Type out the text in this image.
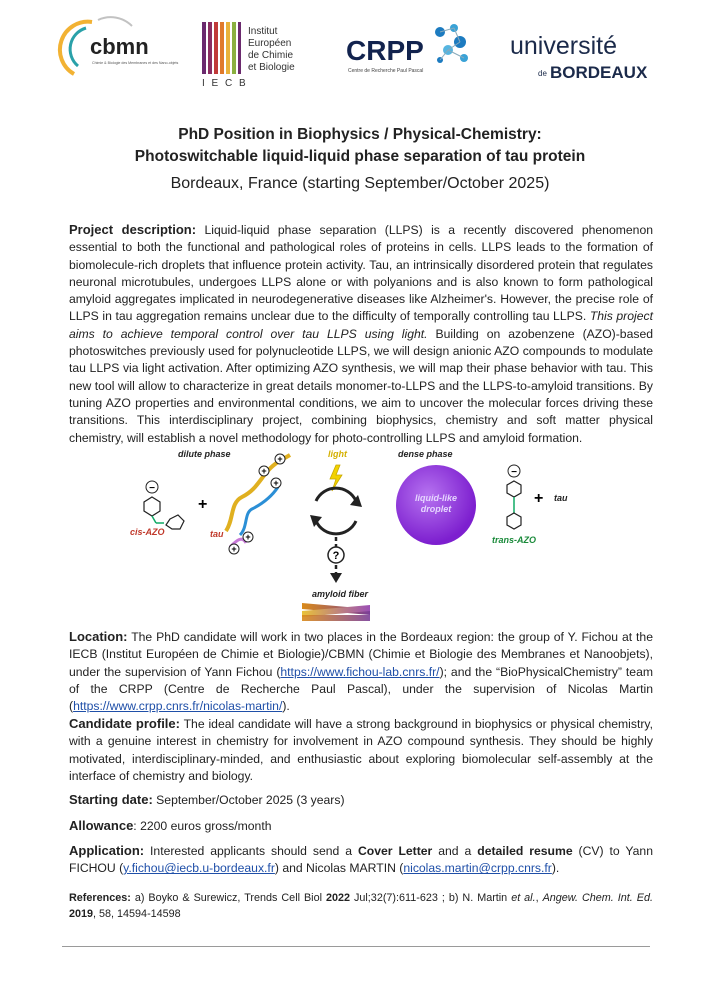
cbmn
Chimie & Biologie des Membranes et des Nano-objets
Institut
Européen
de Chimie
et Biologie
I E C B
CRPP
Centre de Recherche Paul Pascal
université
de BORDEAUX
PhD Position in Biophysics / Physical-Chemistry:
Photoswitchable liquid-liquid phase separation of tau protein
Bordeaux, France (starting September/October 2025)
Project description: Liquid-liquid phase separation (LLPS) is a recently discovered phenomenon essential to both the functional and pathological roles of proteins in cells. LLPS leads to the formation of biomolecule-rich droplets that influence protein activity. Tau, an intrinsically disordered protein that regulates neuronal microtubules, undergoes LLPS alone or with polyanions and is also known to form pathological amyloid aggregates implicated in neurodegenerative diseases like Alzheimer's. However, the precise role of LLPS in tau aggregation remains unclear due to the difficulty of temporally controlling tau LLPS. This project aims to achieve temporal control over tau LLPS using light. Building on azobenzene (AZO)-based photoswitches previously used for polynucleotide LLPS, we will design anionic AZO compounds to modulate tau LLPS via light activation. After optimizing AZO synthesis, we will map their phase behavior with tau. This new tool will allow to characterize in great details monomer-to-LLPS and the LLPS-to-amyloid transitions. By tuning AZO properties and environmental conditions, we aim to uncover the molecular forces driving these transitions. This interdisciplinary project, combining biophysics, chemistry and soft matter physical chemistry, will establish a novel methodology for photo-controlling LLPS and amyloid formation.
dilute phase	light	dense phase
−
cis-AZO
+
+
+
+
+
+
tau
?
amyloid fiber
liquid-like
droplet
−
trans-AZO
+ tau
Location: The PhD candidate will work in two places in the Bordeaux region: the group of Y. Fichou at the IECB (Institut Européen de Chimie et Biologie)/CBMN (Chimie et Biologie des Membranes et Nanoobjets), under the supervision of Yann Fichou (https://www.fichou-lab.cnrs.fr/); and the “BioPhysicalChemistry” team of the CRPP (Centre de Recherche Paul Pascal), under the supervision of Nicolas Martin (https://www.crpp.cnrs.fr/nicolas-martin/).
Candidate profile: The ideal candidate will have a strong background in biophysics or physical chemistry, with a genuine interest in chemistry for involvement in AZO compound synthesis. They should be highly motivated, interdisciplinary-minded, and enthusiastic about exploring biomolecular self-assembly at the interface of chemistry and biology.
Starting date: September/October 2025 (3 years)
Allowance: 2200 euros gross/month
Application: Interested applicants should send a Cover Letter and a detailed resume (CV) to Yann FICHOU (y.fichou@iecb.u-bordeaux.fr) and Nicolas MARTIN (nicolas.martin@crpp.cnrs.fr).
References: a) Boyko & Surewicz, Trends Cell Biol 2022 Jul;32(7):611-623 ; b) N. Martin et al., Angew. Chem. Int. Ed. 2019, 58, 14594-14598
